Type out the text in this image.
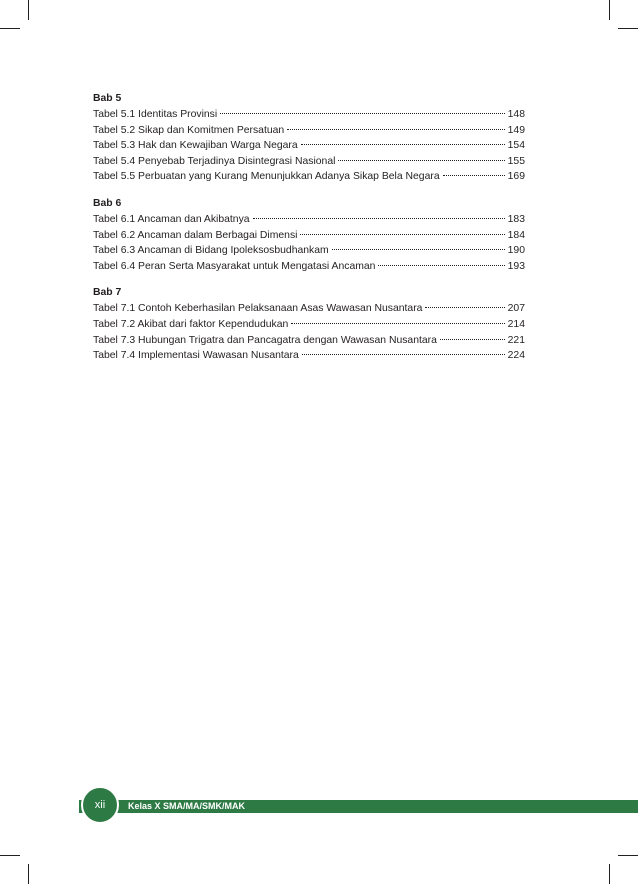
Bab 5
Tabel 5.1 Identitas Provinsi	148
Tabel 5.2 Sikap dan Komitmen Persatuan	149
Tabel 5.3 Hak dan Kewajiban Warga Negara	154
Tabel 5.4 Penyebab Terjadinya Disintegrasi Nasional	155
Tabel 5.5 Perbuatan yang Kurang Menunjukkan Adanya Sikap Bela Negara	169
Bab 6
Tabel 6.1 Ancaman dan Akibatnya	183
Tabel 6.2 Ancaman dalam Berbagai Dimensi	184
Tabel 6.3 Ancaman di Bidang Ipoleksosbudhankam	190
Tabel 6.4 Peran Serta Masyarakat untuk Mengatasi Ancaman	193
Bab 7
Tabel 7.1 Contoh Keberhasilan Pelaksanaan Asas Wawasan Nusantara	207
Tabel 7.2 Akibat dari faktor Kependudukan	214
Tabel 7.3 Hubungan Trigatra dan Pancagatra dengan Wawasan Nusantara	221
Tabel 7.4 Implementasi Wawasan Nusantara	224
Kelas X SMA/MA/SMK/MAK
xii
